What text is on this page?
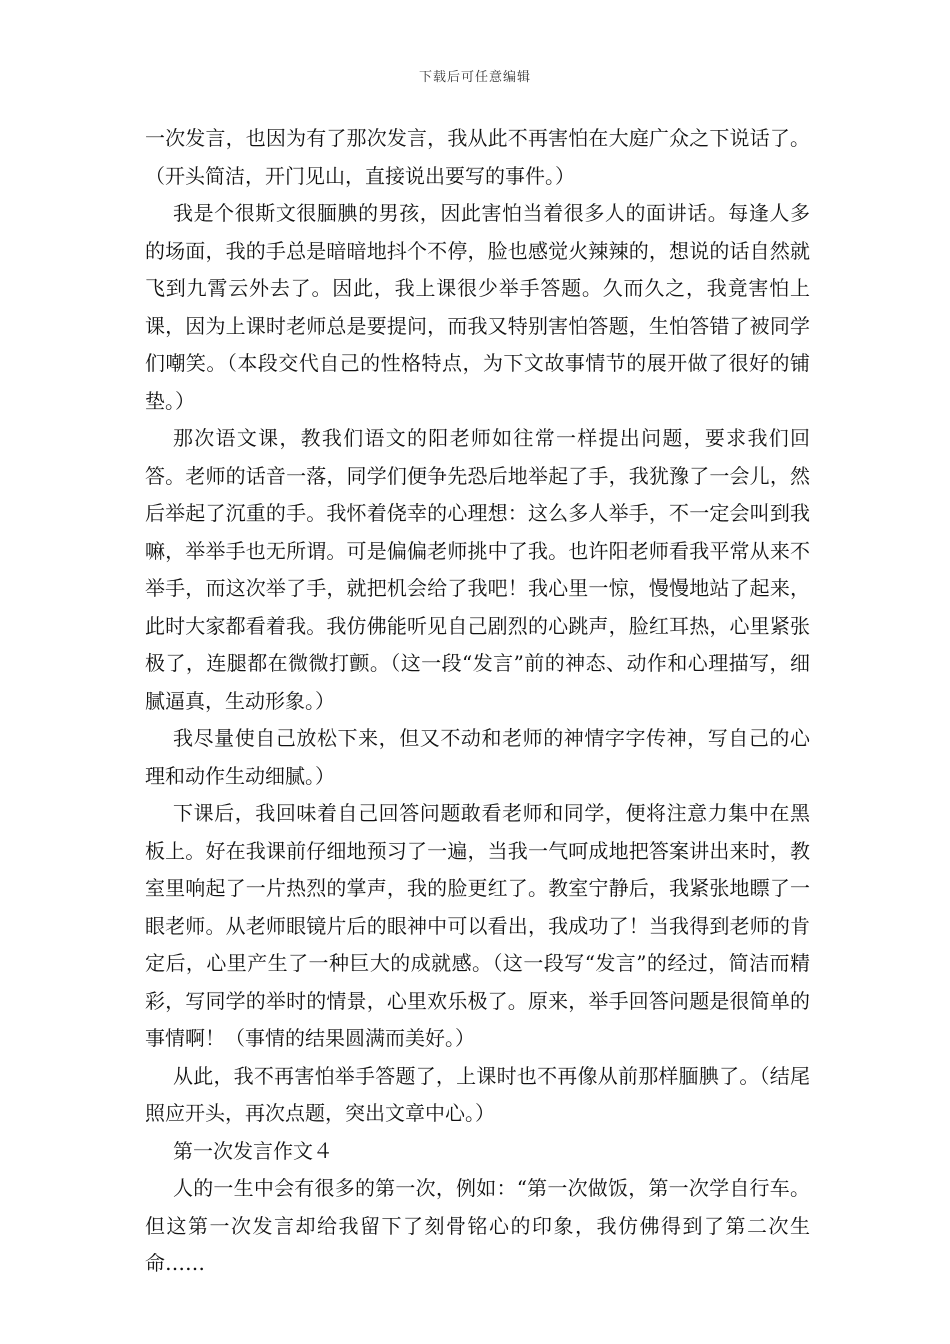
下载后可任意编辑

一次发言，也因为有了那次发言，我从此不再害怕在大庭广众之下说话了。（开头简洁，开门见山，直接说出要写的事件。）

我是个很斯文很腼腆的男孩，因此害怕当着很多人的面讲话。每逢人多的场面，我的手总是暗暗地抖个不停，脸也感觉火辣辣的，想说的话自然就飞到九霄云外去了。因此，我上课很少举手答题。久而久之，我竟害怕上课，因为上课时老师总是要提问，而我又特别害怕答题，生怕答错了被同学们嘲笑。（本段交代自己的性格特点，为下文故事情节的展开做了很好的铺垫。）

那次语文课，教我们语文的阳老师如往常一样提出问题，要求我们回答。老师的话音一落，同学们便争先恐后地举起了手，我犹豫了一会儿，然后举起了沉重的手。我怀着侥幸的心理想：这么多人举手，不一定会叫到我嘛，举举手也无所谓。可是偏偏老师挑中了我。也许阳老师看我平常从来不举手，而这次举了手，就把机会给了我吧！我心里一惊，慢慢地站了起来，此时大家都看着我。我仿佛能听见自己剧烈的心跳声，脸红耳热，心里紧张极了，连腿都在微微打颤。（这一段“发言”前的神态、动作和心理描写，细腻逼真，生动形象。）

我尽量使自己放松下来，但又不动和老师的神情字字传神，写自己的心理和动作生动细腻。）

下课后，我回味着自己回答问题敢看老师和同学，便将注意力集中在黑板上。好在我课前仔细地预习了一遍，当我一气呵成地把答案讲出来时，教室里响起了一片热烈的掌声，我的脸更红了。教室宁静后，我紧张地瞟了一眼老师。从老师眼镜片后的眼神中可以看出，我成功了！当我得到老师的肯定后，心里产生了一种巨大的成就感。（这一段写“发言”的经过，简洁而精彩，写同学的举时的情景，心里欢乐极了。原来，举手回答问题是很简单的事情啊！（事情的结果圆满而美好。）

从此，我不再害怕举手答题了，上课时也不再像从前那样腼腆了。（结尾照应开头，再次点题，突出文章中心。）

第一次发言作文４

人的一生中会有很多的第一次，例如：“第一次做饭，第一次学自行车。但这第一次发言却给我留下了刻骨铭心的印象，我仿佛得到了第二次生命……
